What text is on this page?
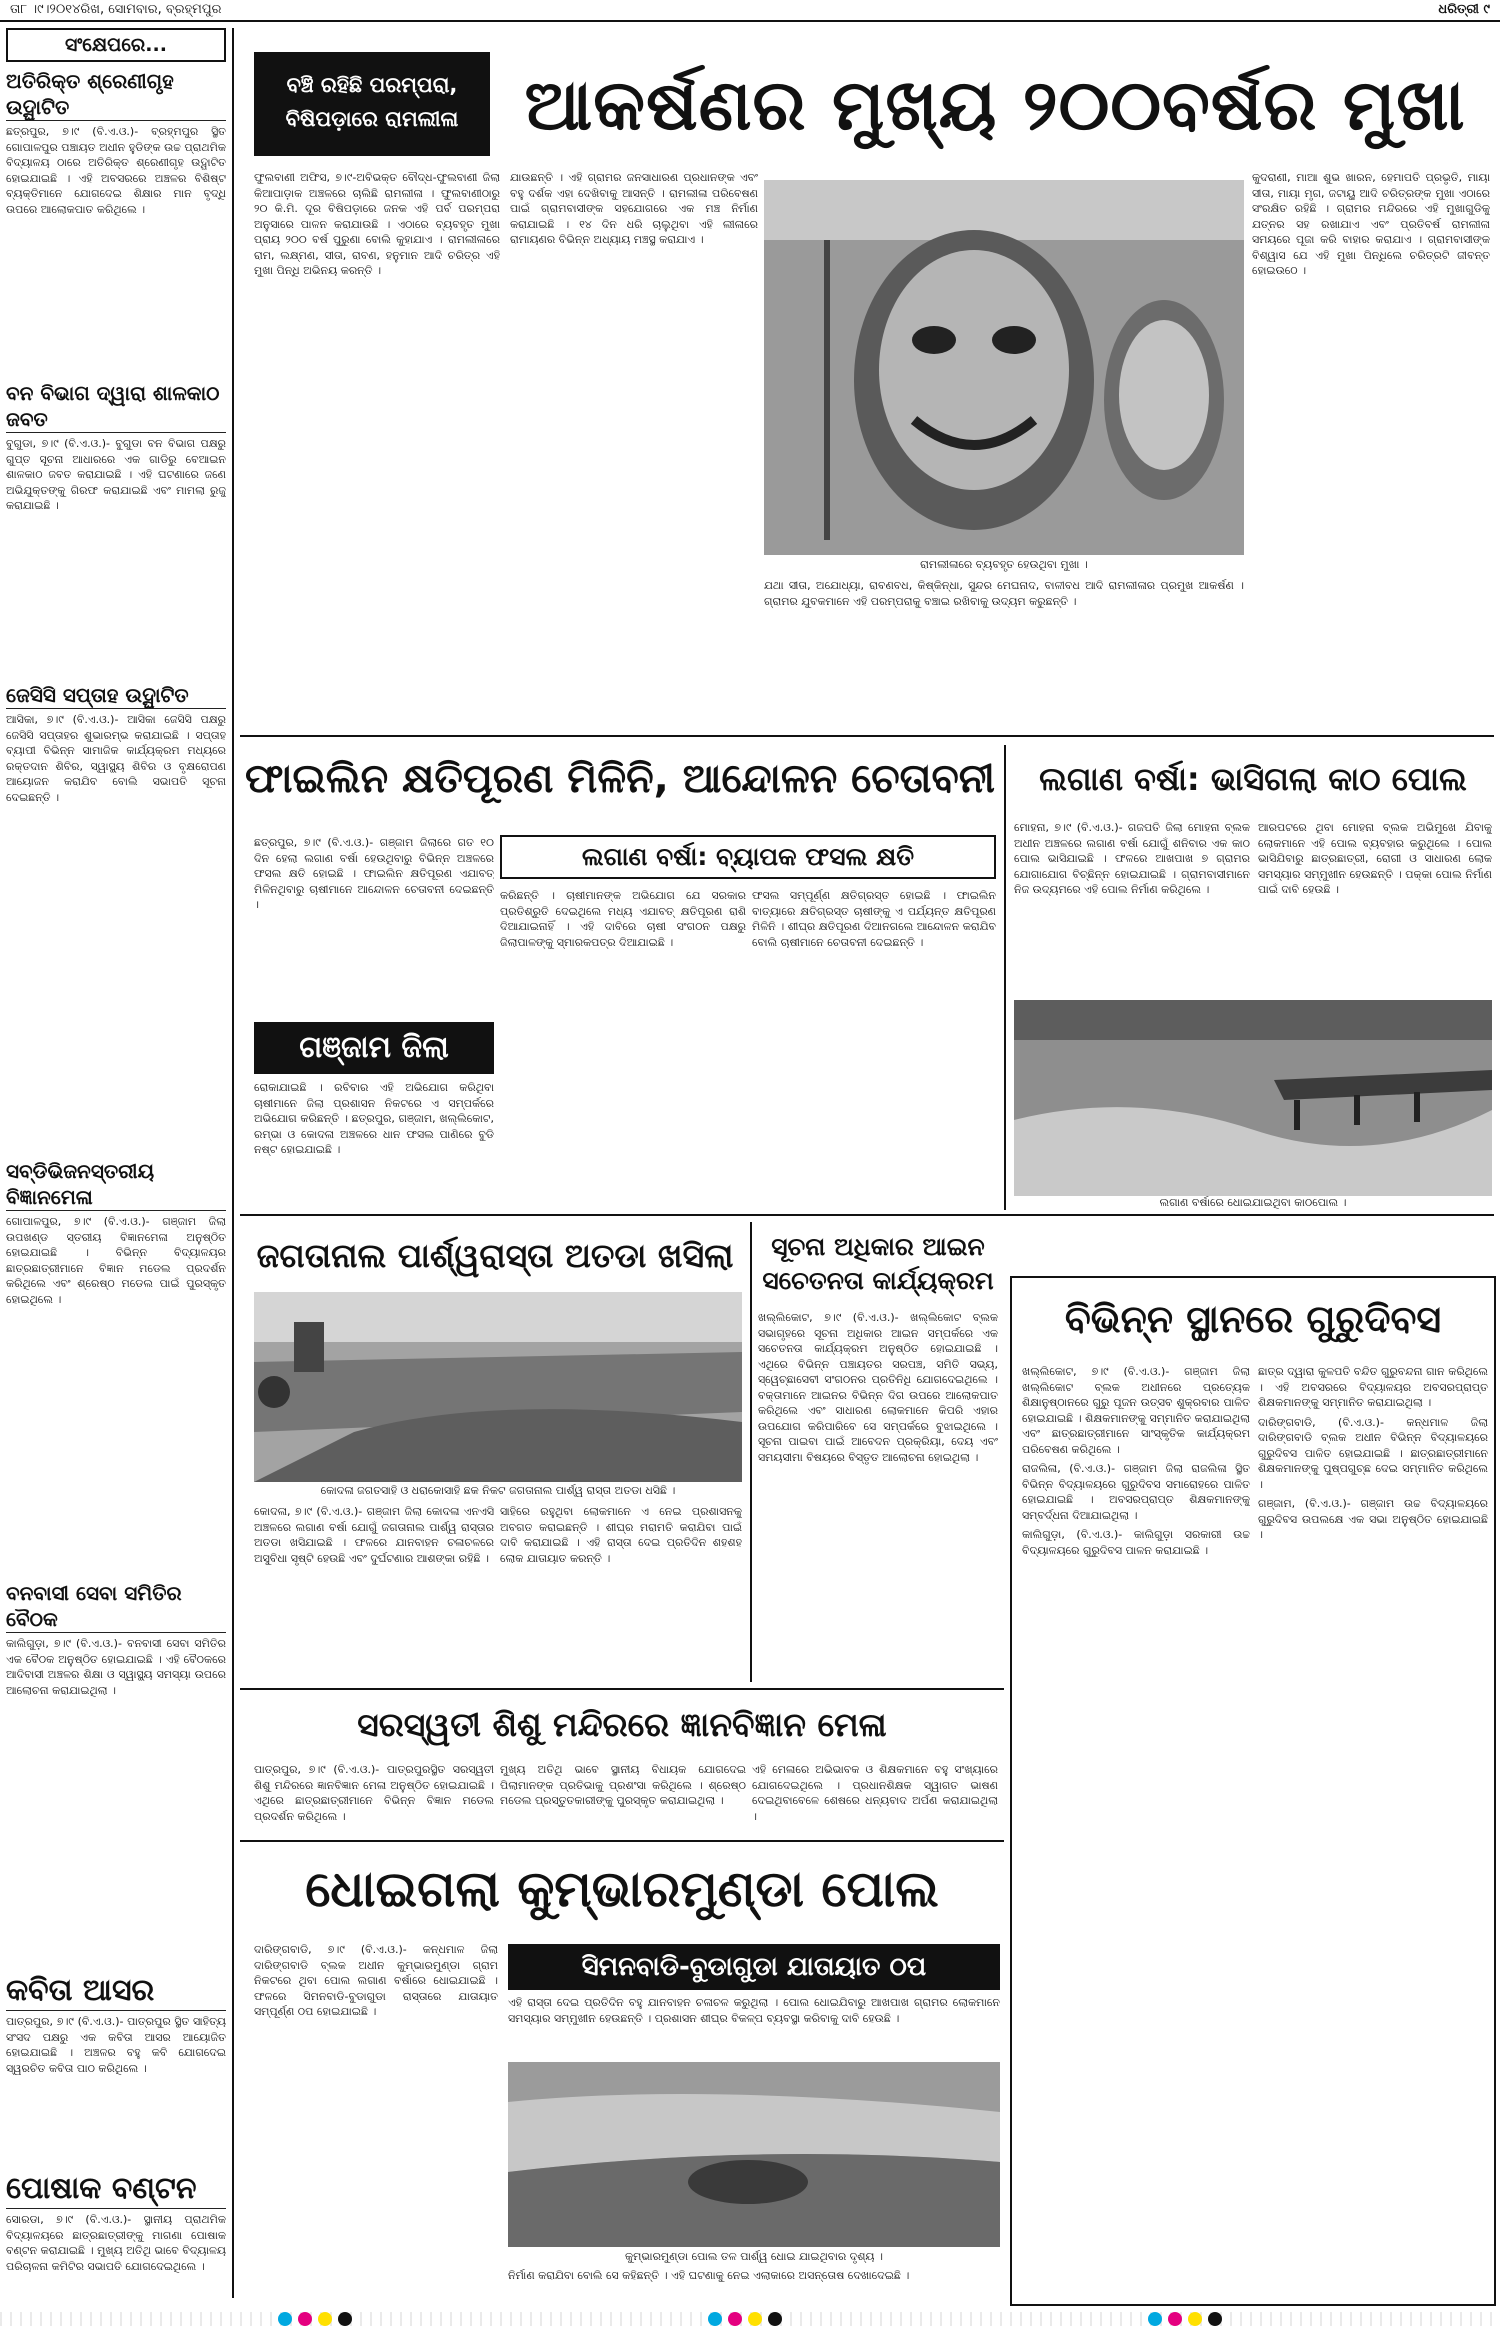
ତା୮ ।୯।୨୦୧୪ରିଖ, ସୋମବାର, ବ୍ରହ୍ମପୁର	ଧରିତ୍ରୀ ୯
ସଂକ୍ଷେପରେ...
ଅତିରିକ୍ତ ଶ୍ରେଣୀଗୃହ ଉଦ୍ଘାଟିତ

ଛତ୍ରପୁର, ୭।୯ (ବି.ଏ.ଓ.)- ବ୍ରହ୍ମପୁର ସ୍ଥିତ ଗୋପାଳପୁର ପଞ୍ଚାୟତ ଅଧୀନ ହୁଡିଙ୍କ ଉଚ୍ଚ ପ୍ରାଥମିକ ବିଦ୍ୟାଳୟ ଠାରେ ଅତିରିକ୍ତ ଶ୍ରେଣୀଗୃହ ଉଦ୍ଘାଟିତ ହୋଇଯାଇଛି । ଏହି ଅବସରରେ ଅଞ୍ଚଳର ବିଶିଷ୍ଟ ବ୍ୟକ୍ତିମାନେ ଯୋଗଦେଇ ଶିକ୍ଷାର ମାନ ବୃଦ୍ଧି ଉପରେ ଆଲୋକପାତ କରିଥିଲେ ।

ବନ ବିଭାଗ ଦ୍ୱାରା ଶାଳକାଠ ଜବତ

ବୁଗୁଡା, ୭।୯ (ବି.ଏ.ଓ.)- ବୁଗୁଡା ବନ ବିଭାଗ ପକ୍ଷରୁ ଗୁପ୍ତ ସୂଚନା ଆଧାରରେ ଏକ ଗାଡିରୁ ବେଆଇନ ଶାଳକାଠ ଜବତ କରାଯାଇଛି । ଏହି ଘଟଣାରେ ଜଣେ ଅଭିଯୁକ୍ତଙ୍କୁ ଗିରଫ କରାଯାଇଛି ଏବଂ ମାମଲା ରୁଜୁ କରାଯାଇଛି ।

ଜେସିସି ସପ୍ତାହ ଉଦ୍ଘାଟିତ

ଆସିକା, ୭।୯ (ବି.ଏ.ଓ.)- ଆସିକା ଜେସିସି ପକ୍ଷରୁ ଜେସିସି ସପ୍ତାହର ଶୁଭାରମ୍ଭ କରାଯାଇଛି । ସପ୍ତାହ ବ୍ୟାପୀ ବିଭିନ୍ନ ସାମାଜିକ କାର୍ଯ୍ୟକ୍ରମ ମଧ୍ୟରେ ରକ୍ତଦାନ ଶିବିର, ସ୍ୱାସ୍ଥ୍ୟ ଶିବିର ଓ ବୃକ୍ଷରୋପଣ ଆୟୋଜନ କରାଯିବ ବୋଲି ସଭାପତି ସୂଚନା ଦେଇଛନ୍ତି ।

ସବ୍ଡିଭିଜନସ୍ତରୀୟ ବିଜ୍ଞାନମେଳା

ଗୋପାଳପୁର, ୭।୯ (ବି.ଏ.ଓ.)- ଗଞ୍ଜାମ ଜିଲା ଉପଖଣ୍ଡ ସ୍ତରୀୟ ବିଜ୍ଞାନମେଳା ଅନୁଷ୍ଠିତ ହୋଇଯାଇଛି । ବିଭିନ୍ନ ବିଦ୍ୟାଳୟର ଛାତ୍ରଛାତ୍ରୀମାନେ ବିଜ୍ଞାନ ମଡେଲ ପ୍ରଦର୍ଶନ କରିଥିଲେ ଏବଂ ଶ୍ରେଷ୍ଠ ମଡେଲ ପାଇଁ ପୁରସ୍କୃତ ହୋଇଥିଲେ ।

ବନବାସୀ ସେବା ସମିତିର ବୈଠକ

କାଲିଗୁଡ଼ା, ୭।୯ (ବି.ଏ.ଓ.)- ବନବାସୀ ସେବା ସମିତିର ଏକ ବୈଠକ ଅନୁଷ୍ଠିତ ହୋଇଯାଇଛି । ଏହି ବୈଠକରେ ଆଦିବାସୀ ଅଞ୍ଚଳର ଶିକ୍ଷା ଓ ସ୍ୱାସ୍ଥ୍ୟ ସମସ୍ୟା ଉପରେ ଆଲୋଚନା କରାଯାଇଥିଲା ।

କବିତା ଆସର

ପାତ୍ରପୁର, ୭।୯ (ବି.ଏ.ଓ.)- ପାତ୍ରପୁର ସ୍ଥିତ ସାହିତ୍ୟ ସଂସଦ ପକ୍ଷରୁ ଏକ କବିତା ଆସର ଆୟୋଜିତ ହୋଇଯାଇଛି । ଅଞ୍ଚଳର ବହୁ କବି ଯୋଗଦେଇ ସ୍ୱରଚିତ କବିତା ପାଠ କରିଥିଲେ ।

ପୋଷାକ ବଣ୍ଟନ

ସୋରଡା, ୭।୯ (ବି.ଏ.ଓ.)- ସ୍ଥାନୀୟ ପ୍ରାଥମିକ ବିଦ୍ୟାଳୟରେ ଛାତ୍ରଛାତ୍ରୀଙ୍କୁ ମାଗଣା ପୋଷାକ ବଣ୍ଟନ କରାଯାଇଛି । ମୁଖ୍ୟ ଅତିଥି ଭାବେ ବିଦ୍ୟାଳୟ ପରିଚାଳନା କମିଟିର ସଭାପତି ଯୋଗଦେଇଥିଲେ ।

ବଞ୍ଚି ରହିଛି ପରମ୍ପରା,
ବିଷିପଡ଼ାରେ ରାମଲୀଳା ଆକର୍ଷଣର ମୁଖ୍ୟ ୨୦୦ବର୍ଷର ମୁଖା

ଫୁଲବାଣୀ ଅଫିସ, ୭।୯-ଅବିଭକ୍ତ ବୌଦ୍ଧ-ଫୁଲବାଣୀ ଜିଲା କିଆପାଡ଼ାକ ଅଞ୍ଚଳରେ ଚାଲିଛି ରାମଲୀଳା । ଫୁଲବାଣୀଠାରୁ ୨୦ କି.ମି. ଦୂର ବିଷିପଡ଼ାରେ ଜନକ ଏହି ପର୍ବ ପରମ୍ପରା ଅନୁସାରେ ପାଳନ କରାଯାଉଛି । ଏଠାରେ ବ୍ୟବହୃତ ମୁଖା ପ୍ରାୟ ୨୦୦ ବର୍ଷ ପୁରୁଣା ବୋଲି କୁହାଯାଏ । ରାମଲୀଳାରେ ରାମ, ଲକ୍ଷ୍ମଣ, ସୀତା, ରାବଣ, ହନୁମାନ ଆଦି ଚରିତ୍ର ଏହି ମୁଖା ପିନ୍ଧି ଅଭିନୟ କରନ୍ତି ।

ଯାଉଛନ୍ତି । ଏହି ଗ୍ରାମର ଜନସାଧାରଣ ପ୍ରଧାନଙ୍କ ଏବଂ ବହୁ ଦର୍ଶକ ଏହା ଦେଖିବାକୁ ଆସନ୍ତି । ରାମଲୀଳା ପରିବେଷଣ ପାଇଁ ଗ୍ରାମବାସୀଙ୍କ ସହଯୋଗରେ ଏକ ମଞ୍ଚ ନିର୍ମାଣ କରାଯାଇଛି । ୧୪ ଦିନ ଧରି ଚାଲୁଥିବା ଏହି ଲୀଳାରେ ରାମାୟଣର ବିଭିନ୍ନ ଅଧ୍ୟାୟ ମଞ୍ଚସ୍ଥ କରାଯାଏ ।

ରାମଲୀଳାରେ ବ୍ୟବହୃତ ହେଉଥିବା ମୁଖା ।

ଯଥା ସୀତା, ଅଯୋଧ୍ୟା, ରାବଣବଧ, କିଷ୍କିନ୍ଧା, ସୁନ୍ଦର ମେଘନାଦ, ବାଳୀବଧ ଆଦି ରାମଲୀଳାର ପ୍ରମୁଖ ଆକର୍ଷଣ । ଗ୍ରାମର ଯୁବକମାନେ ଏହି ପରମ୍ପରାକୁ ବଞ୍ଚାଇ ରଖିବାକୁ ଉଦ୍ୟମ କରୁଛନ୍ତି ।

କୁଦରାଣୀ, ମାଆ ଶୁଭ ଖାରନ, ହେମାପତି ପ୍ରଭୃତି, ମାୟା ସୀତା, ମାୟା ମୃଗ, ଜଟାୟୁ ଆଦି ଚରିତ୍ରଙ୍କ ମୁଖା ଏଠାରେ ସଂରକ୍ଷିତ ରହିଛି । ଗ୍ରାମର ମନ୍ଦିରରେ ଏହି ମୁଖାଗୁଡିକୁ ଯତ୍ନର ସହ ରଖାଯାଏ ଏବଂ ପ୍ରତିବର୍ଷ ରାମଲୀଳା ସମୟରେ ପୂଜା କରି ବାହାର କରାଯାଏ । ଗ୍ରାମବାସୀଙ୍କ ବିଶ୍ୱାସ ଯେ ଏହି ମୁଖା ପିନ୍ଧିଲେ ଚରିତ୍ରଟି ଜୀବନ୍ତ ହୋଇଉଠେ ।

ଫାଇଲିନ କ୍ଷତିପୂରଣ ମିଳିନି, ଆନ୍ଦୋଳନ ଚେତାବନୀ
ଲଗାଣ ବର୍ଷା: ବ୍ୟାପକ ଫସଲ କ୍ଷତି

ଛତ୍ରପୁର, ୭।୯ (ବି.ଏ.ଓ.)- ଗଞ୍ଜାମ ଜିଲାରେ ଗତ ୧୦ ଦିନ ହେଲା ଲଗାଣ ବର୍ଷା ହେଉଥିବାରୁ ବିଭିନ୍ନ ଅଞ୍ଚଳରେ ଫସଲ କ୍ଷତି ହୋଇଛି । ଫାଇଲିନ କ୍ଷତିପୂରଣ ଏଯାବତ୍ ମିଳିନଥିବାରୁ ଚାଷୀମାନେ ଆନ୍ଦୋଳନ ଚେତାବନୀ ଦେଇଛନ୍ତି ।

କରିଛନ୍ତି । ଚାଷୀମାନଙ୍କ ଅଭିଯୋଗ ଯେ ସରକାର ପ୍ରତିଶ୍ରୁତି ଦେଇଥିଲେ ମଧ୍ୟ ଏଯାବତ୍ କ୍ଷତିପୂରଣ ରାଶି ଦିଆଯାଇନାହିଁ । ଏହି ଦାବିରେ ଚାଷୀ ସଂଗଠନ ପକ୍ଷରୁ ଜିଲାପାଳଙ୍କୁ ସ୍ମାରକପତ୍ର ଦିଆଯାଇଛି ।

ଫସଲ ସମ୍ପୂର୍ଣ୍ଣ କ୍ଷତିଗ୍ରସ୍ତ ହୋଇଛି । ଫାଇଲିନ ବାତ୍ୟାରେ କ୍ଷତିଗ୍ରସ୍ତ ଚାଷୀଙ୍କୁ ଏ ପର୍ଯ୍ୟନ୍ତ କ୍ଷତିପୂରଣ ମିଳିନି । ଶୀଘ୍ର କ୍ଷତିପୂରଣ ଦିଆନଗଲେ ଆନ୍ଦୋଳନ କରାଯିବ ବୋଲି ଚାଷୀମାନେ ଚେତାବନୀ ଦେଇଛନ୍ତି ।

ଗଞ୍ଜାମ ଜିଲା

ରୋକାଯାଇଛି । ରବିବାର ଏହି ଅଭିଯୋଗ କରିଥିବା ଚାଷୀମାନେ ଜିଲା ପ୍ରଶାସନ ନିକଟରେ ଏ ସମ୍ପର୍କରେ ଅଭିଯୋଗ କରିଛନ୍ତି । ଛତ୍ରପୁର, ଗଞ୍ଜାମ, ଖଲ୍ଲିକୋଟ, ରମ୍ଭା ଓ କୋଦଳା ଅଞ୍ଚଳରେ ଧାନ ଫସଲ ପାଣିରେ ବୁଡି ନଷ୍ଟ ହୋଇଯାଇଛି ।

ଲଗାଣ ବର୍ଷା: ଭାସିଗଲା କାଠ ପୋଲ

ମୋହନା, ୭।୯ (ବି.ଏ.ଓ.)- ଗଜପତି ଜିଲା ମୋହନା ବ୍ଲକ ଅଧୀନ ଅଞ୍ଚଳରେ ଲଗାଣ ବର୍ଷା ଯୋଗୁଁ ଶନିବାର ଏକ କାଠ ପୋଲ ଭାସିଯାଇଛି । ଫଳରେ ଆଖପାଖ ୭ ଗ୍ରାମର ଯୋଗାଯୋଗ ବିଚ୍ଛିନ୍ନ ହୋଇଯାଇଛି । ଗ୍ରାମବାସୀମାନେ ନିଜ ଉଦ୍ୟମରେ ଏହି ପୋଲ ନିର୍ମାଣ କରିଥିଲେ ।

ଆରପଟରେ ଥିବା ମୋହନା ବ୍ଲକ ଅଭିମୁଖେ ଯିବାକୁ ଲୋକମାନେ ଏହି ପୋଲ ବ୍ୟବହାର କରୁଥିଲେ । ପୋଲ ଭାସିଯିବାରୁ ଛାତ୍ରଛାତ୍ରୀ, ରୋଗୀ ଓ ସାଧାରଣ ଲୋକ ସମସ୍ୟାର ସମ୍ମୁଖୀନ ହେଉଛନ୍ତି । ପକ୍କା ପୋଲ ନିର୍ମାଣ ପାଇଁ ଦାବି ହେଉଛି ।

ଲଗାଣ ବର୍ଷାରେ ଧୋଇଯାଇଥିବା କାଠପୋଲ ।
ଜଗତାନାଲ ପାର୍ଶ୍ୱରାସ୍ତା ଅତଡା ଖସିଲା
କୋଦଳା ଜଗତସାହି ଓ ଧରାକୋସାହି ଛକ ନିକଟ ଜଗତାନାଲ ପାର୍ଶ୍ୱ ରାସ୍ତା ଅତଡା ଧସିଛି ।

କୋଦଳା, ୭।୯ (ବି.ଏ.ଓ.)- ଗଞ୍ଜାମ ଜିଲା କୋଦଳା ଏନଏସି ଅଞ୍ଚଳରେ ଲଗାଣ ବର୍ଷା ଯୋଗୁଁ ଜଗତାନାଲ ପାର୍ଶ୍ୱ ରାସ୍ତାର ଅତଡା ଖସିଯାଇଛି । ଫଳରେ ଯାନବାହନ ଚଳାଚଳରେ ଅସୁବିଧା ସୃଷ୍ଟି ହେଉଛି ଏବଂ ଦୁର୍ଘଟଣାର ଆଶଙ୍କା ରହିଛି ।

ସାହିରେ ରହୁଥିବା ଲୋକମାନେ ଏ ନେଇ ପ୍ରଶାସନକୁ ଅବଗତ କରାଇଛନ୍ତି । ଶୀଘ୍ର ମରାମତି କରାଯିବା ପାଇଁ ଦାବି କରାଯାଇଛି । ଏହି ରାସ୍ତା ଦେଇ ପ୍ରତିଦିନ ଶହଶହ ଲୋକ ଯାତାୟାତ କରନ୍ତି ।

ସୂଚନା ଅଧିକାର ଆଇନ
ସଚେତନତା କାର୍ଯ୍ୟକ୍ରମ

ଖଲ୍ଲିକୋଟ, ୭।୯ (ବି.ଏ.ଓ.)- ଖଲ୍ଲିକୋଟ ବ୍ଲକ ସଭାଗୃହରେ ସୂଚନା ଅଧିକାର ଆଇନ ସମ୍ପର୍କରେ ଏକ ସଚେତନତା କାର୍ଯ୍ୟକ୍ରମ ଅନୁଷ୍ଠିତ ହୋଇଯାଇଛି । ଏଥିରେ ବିଭିନ୍ନ ପଞ୍ଚାୟତର ସରପଞ୍ଚ, ସମିତି ସଭ୍ୟ, ସ୍ୱେଚ୍ଛାସେବୀ ସଂଗଠନର ପ୍ରତିନିଧି ଯୋଗଦେଇଥିଲେ । ବକ୍ତାମାନେ ଆଇନର ବିଭିନ୍ନ ଦିଗ ଉପରେ ଆଲୋକପାତ କରିଥିଲେ ଏବଂ ସାଧାରଣ ଲୋକମାନେ କିପରି ଏହାର ଉପଯୋଗ କରିପାରିବେ ସେ ସମ୍ପର୍କରେ ବୁଝାଇଥିଲେ । ସୂଚନା ପାଇବା ପାଇଁ ଆବେଦନ ପ୍ରକ୍ରିୟା, ଦେୟ ଏବଂ ସମୟସୀମା ବିଷୟରେ ବିସ୍ତୃତ ଆଲୋଚନା ହୋଇଥିଲା ।

ସରସ୍ୱତୀ ଶିଶୁ ମନ୍ଦିରରେ ଜ୍ଞାନବିଜ୍ଞାନ ମେଳା

ପାତ୍ରପୁର, ୭।୯ (ବି.ଏ.ଓ.)- ପାତ୍ରପୁରସ୍ଥିତ ସରସ୍ୱତୀ ଶିଶୁ ମନ୍ଦିରରେ ଜ୍ଞାନବିଜ୍ଞାନ ମେଳା ଅନୁଷ୍ଠିତ ହୋଇଯାଇଛି । ଏଥିରେ ଛାତ୍ରଛାତ୍ରୀମାନେ ବିଭିନ୍ନ ବିଜ୍ଞାନ ମଡେଲ ପ୍ରଦର୍ଶନ କରିଥିଲେ ।

ମୁଖ୍ୟ ଅତିଥି ଭାବେ ସ୍ଥାନୀୟ ବିଧାୟକ ଯୋଗଦେଇ ପିଲାମାନଙ୍କ ପ୍ରତିଭାକୁ ପ୍ରଶଂସା କରିଥିଲେ । ଶ୍ରେଷ୍ଠ ମଡେଲ ପ୍ରସ୍ତୁତକାରୀଙ୍କୁ ପୁରସ୍କୃତ କରାଯାଇଥିଲା ।

ଏହି ମେଳାରେ ଅଭିଭାବକ ଓ ଶିକ୍ଷକମାନେ ବହୁ ସଂଖ୍ୟାରେ ଯୋଗଦେଇଥିଲେ । ପ୍ରଧାନଶିକ୍ଷକ ସ୍ୱାଗତ ଭାଷଣ ଦେଇଥିବାବେଳେ ଶେଷରେ ଧନ୍ୟବାଦ ଅର୍ପଣ କରାଯାଇଥିଲା ।

ଧୋଇଗଲା କୁମ୍ଭାରମୁଣ୍ଡା ପୋଲ

ଦାରିଙ୍ଗବାଡି, ୭।୯ (ବି.ଏ.ଓ.)- କନ୍ଧମାଳ ଜିଲା ଦାରିଙ୍ଗବାଡି ବ୍ଲକ ଅଧୀନ କୁମ୍ଭାରମୁଣ୍ଡା ଗ୍ରାମ ନିକଟରେ ଥିବା ପୋଲ ଲଗାଣ ବର୍ଷାରେ ଧୋଇଯାଇଛି । ଫଳରେ ସିମନବାଡି-ବୁଡାଗୁଡା ରାସ୍ତାରେ ଯାତାୟାତ ସମ୍ପୂର୍ଣ୍ଣ ଠପ ହୋଇଯାଇଛି ।

ସିମନବାଡି-ବୁଡାଗୁଡା ଯାତାୟାତ ଠପ

ଏହି ରାସ୍ତା ଦେଇ ପ୍ରତିଦିନ ବହୁ ଯାନବାହନ ଚଳାଚଳ କରୁଥିଲା । ପୋଲ ଧୋଇଯିବାରୁ ଆଖପାଖ ଗ୍ରାମର ଲୋକମାନେ ସମସ୍ୟାର ସମ୍ମୁଖୀନ ହେଉଛନ୍ତି । ପ୍ରଶାସନ ଶୀଘ୍ର ବିକଳ୍ପ ବ୍ୟବସ୍ଥା କରିବାକୁ ଦାବି ହେଉଛି ।

କୁମ୍ଭାରମୁଣ୍ଡା ପୋଲ ତଳ ପାର୍ଶ୍ୱ ଧୋଇ ଯାଇଥିବାର ଦୃଶ୍ୟ ।

ନିର୍ମାଣ କରାଯିବା ବୋଲି ସେ କହିଛନ୍ତି । ଏହି ଘଟଣାକୁ ନେଇ ଏଲାକାରେ ଅସନ୍ତୋଷ ଦେଖାଦେଇଛି ।

ବିଭିନ୍ନ ସ୍ଥାନରେ ଗୁରୁଦିବସ

ଖଲ୍ଲିକୋଟ, ୭।୯ (ବି.ଏ.ଓ.)- ଗଞ୍ଜାମ ଜିଲା ଖଲ୍ଲିକୋଟ ବ୍ଲକ ଅଧୀନରେ ପ୍ରତ୍ୟେକ ଶିକ୍ଷାନୁଷ୍ଠାନରେ ଗୁରୁ ପୂଜନ ଉତ୍ସବ ଶୁକ୍ରବାର ପାଳିତ ହୋଇଯାଇଛି । ଶିକ୍ଷକମାନଙ୍କୁ ସମ୍ମାନିତ କରାଯାଇଥିଲା ଏବଂ ଛାତ୍ରଛାତ୍ରୀମାନେ ସାଂସ୍କୃତିକ କାର୍ଯ୍ୟକ୍ରମ ପରିବେଷଣ କରିଥିଲେ ।

ରାଜଲିଳା, (ବି.ଏ.ଓ.)- ଗଞ୍ଜାମ ଜିଲା ରାଜଲିଳା ସ୍ଥିତ ବିଭିନ୍ନ ବିଦ୍ୟାଳୟରେ ଗୁରୁଦିବସ ସମାରୋହରେ ପାଳିତ ହୋଇଯାଇଛି । ଅବସରପ୍ରାପ୍ତ ଶିକ୍ଷକମାନଙ୍କୁ ସମ୍ବର୍ଦ୍ଧନା ଦିଆଯାଇଥିଲା ।

କାଲିଗୁଡ଼ା, (ବି.ଏ.ଓ.)- କାଲିଗୁଡ଼ା ସରକାରୀ ଉଚ୍ଚ ବିଦ୍ୟାଳୟରେ ଗୁରୁଦିବସ ପାଳନ କରାଯାଇଛି ।

ଛାତ୍ର ଦ୍ୱାରା କୁଳପତି ବନ୍ଦିତ ଗୁରୁବନ୍ଦନା ଗାନ କରିଥିଲେ । ଏହି ଅବସରରେ ବିଦ୍ୟାଳୟର ଅବସରପ୍ରାପ୍ତ ଶିକ୍ଷକମାନଙ୍କୁ ସମ୍ମାନିତ କରାଯାଇଥିଲା ।

ଦାରିଙ୍ଗବାଡି, (ବି.ଏ.ଓ.)- କନ୍ଧମାଳ ଜିଲା ଦାରିଙ୍ଗବାଡି ବ୍ଲକ ଅଧୀନ ବିଭିନ୍ନ ବିଦ୍ୟାଳୟରେ ଗୁରୁଦିବସ ପାଳିତ ହୋଇଯାଇଛି । ଛାତ୍ରଛାତ୍ରୀମାନେ ଶିକ୍ଷକମାନଙ୍କୁ ପୁଷ୍ପଗୁଚ୍ଛ ଦେଇ ସମ୍ମାନିତ କରିଥିଲେ ।

ଗଞ୍ଜାମ, (ବି.ଏ.ଓ.)- ଗଞ୍ଜାମ ଉଚ୍ଚ ବିଦ୍ୟାଳୟରେ ଗୁରୁଦିବସ ଉପଲକ୍ଷେ ଏକ ସଭା ଅନୁଷ୍ଠିତ ହୋଇଯାଇଛି ।
